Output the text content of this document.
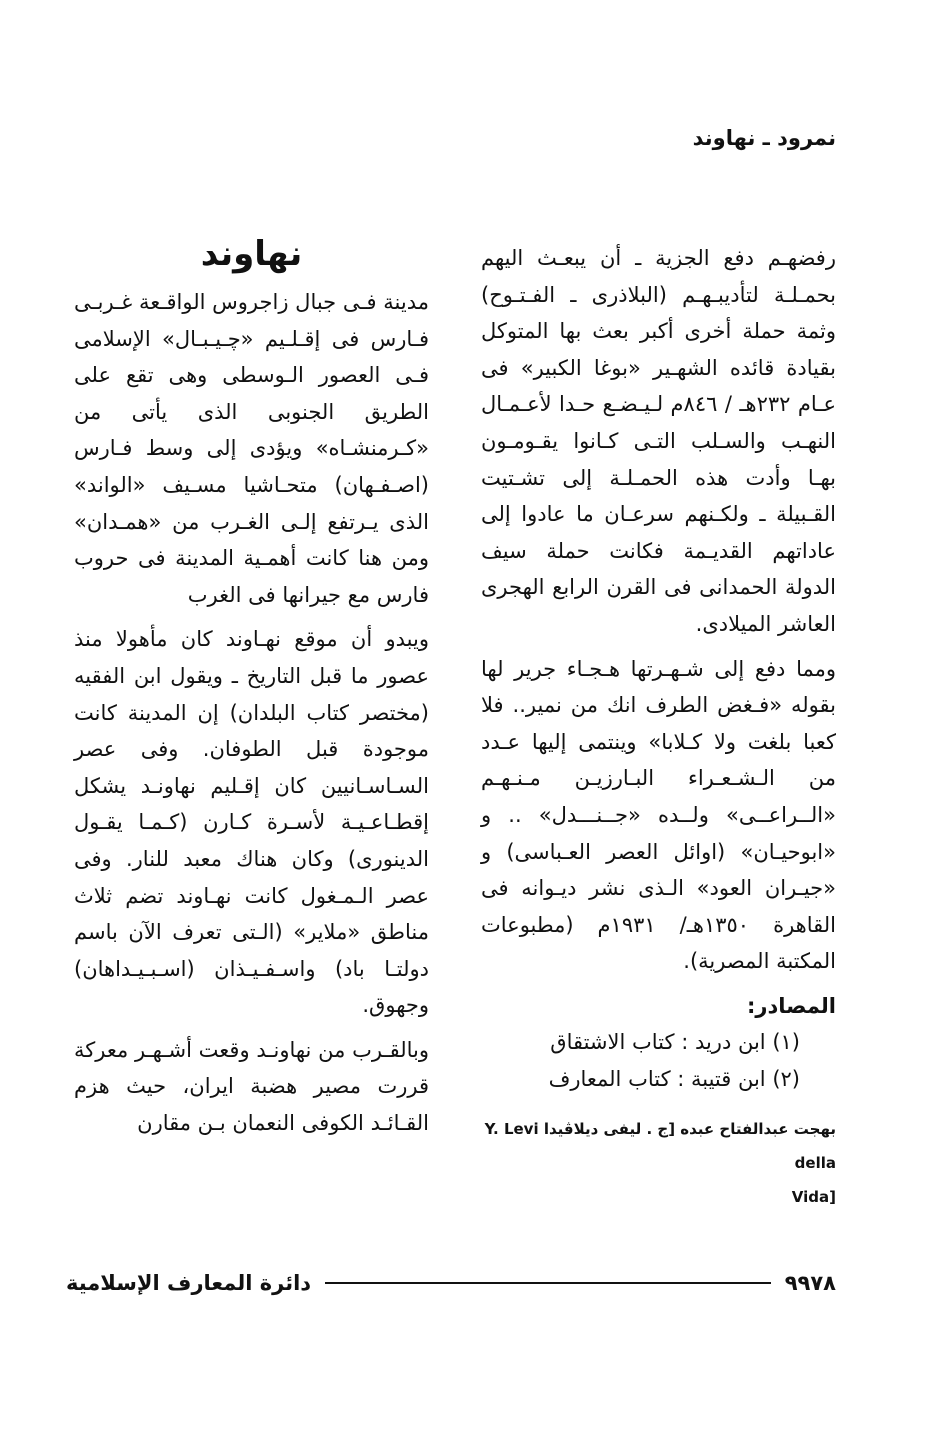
نمرود ـ نهاوند

رفضهـم دفع الجزية ـ أن يبعـث اليهم بحمـلـة لتأديبـهـم (البلاذرى ـ الفـتـوح) وثمة حملة أخرى أكبر بعث بها المتوكل بقيادة قائده الشهـير «بوغا الكبير» فى عـام ٢٣٢هـ / ٨٤٦م لـيـضـع حـدا لأعـمـال النهـب والسـلب التـى كـانوا يقـومـون بهـا وأدت هذه الحمـلـة إلى تشـتيت القـبيلة ـ ولكـنهم سرعـان ما عادوا إلى عاداتهم القديـمة فكانت حملة سيف الدولة الحمدانى فى القرن الرابع الهجرى العاشر الميلادى.

ومما دفع إلى شـهـرتها هـجـاء جرير لها بقوله «فـغض الطرف انك من نمير.. فلا كعبا بلغت ولا كـلابا» وينتمى إليها عـدد من الـشـعـراء البـارزيـن مـنـهـم «الــراعــى» ولــده «جــنـــدل» .. و «ابوحيـان» (اوائل العصر العـباسى) و «جيـران العود» الـذى نشر ديـوانه فى القاهرة ١٣٥٠هـ/ ١٩٣١م (مطبوعات المكتبة المصرية).

المصادر:
(١) ابن دريد : كتاب الاشتقاق
(٢) ابن قتيبة : كتاب المعارف
بهجت عبدالفتاح عبده [ج . ليفى ديلاڤيدا Y. Levi della
Vida]
نهاوند

مدينة فـى جبال زاجروس الواقـعة غـربـى فـارس فى إقـلـيم «چـيـبـال» الإسلامى فـى العصور الـوسطى وهى تقع على الطريق الجنوبى الذى يأتى من «كـرمنشـاه» ويؤدى إلى وسط فـارس (اصـفـهان) متحـاشيا مسـيف «الواند» الذى يـرتفع إلـى الغـرب من «همـدان» ومن هنا كانت أهمـية المدينة فى حروب فارس مع جيرانها فى الغرب

ويبدو أن موقع نهـاوند كان مأهولا منذ عصور ما قبل التاريخ ـ ويقول ابن الفقيه (مختصر كتاب البلدان) إن المدينة كانت موجودة قبل الطوفان. وفى عصر السـاسـانيين كان إقـليم نهاونـد يشكل إقطـاعـيـة لأسـرة كـارن (كـمـا يقـول الدينورى) وكان هناك معبد للنار. وفى عصر الـمـغول كانت نهـاوند تضم ثلاث مناطق «ملاير» (الـتى تعرف الآن باسم دولتـا باد) واسـفـيـذان (اسـبـيـداهان) وجهوق.

وبالقـرب من نهاونـد وقعت أشـهـر معركة قررت مصير هضبة ايران، حيث هزم القـائـد الكوفى النعمان بـن مقارن

دائرة المعارف الإسلامية	٩٩٧٨
